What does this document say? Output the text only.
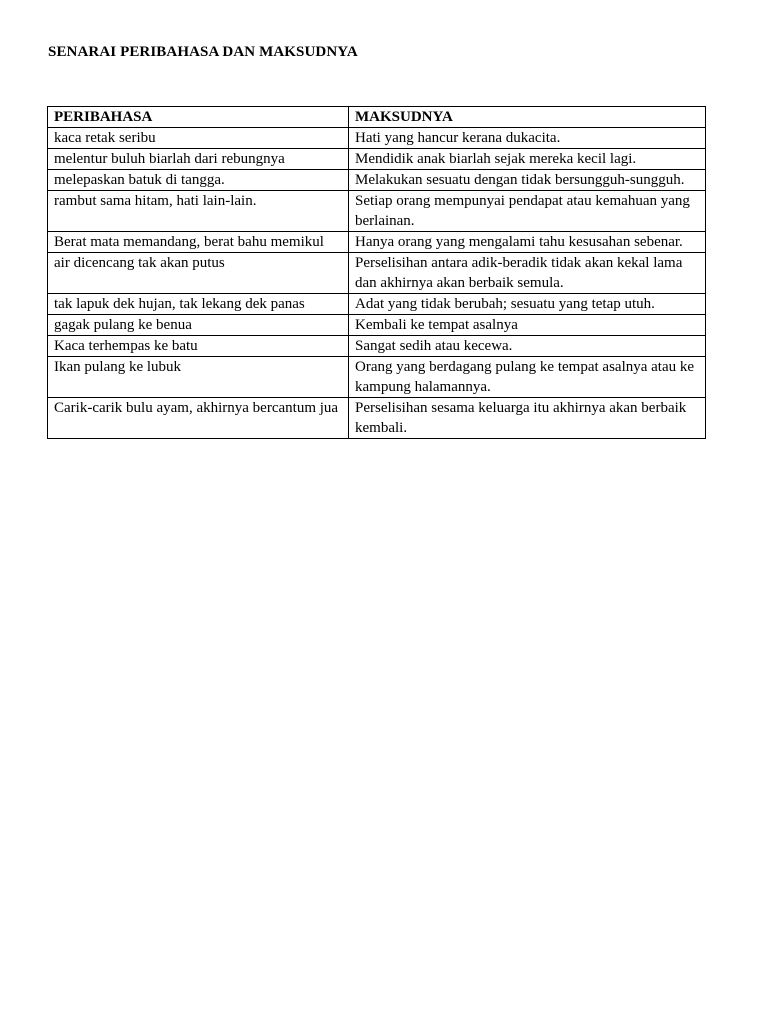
SENARAI PERIBAHASA DAN MAKSUDNYA
PERIBAHASA	MAKSUDNYA
kaca retak seribu	Hati yang hancur kerana dukacita.
melentur buluh biarlah dari rebungnya	Mendidik anak biarlah sejak mereka kecil lagi.
melepaskan batuk di tangga.	Melakukan sesuatu dengan tidak bersungguh-sungguh.
rambut sama hitam, hati lain-lain.	Setiap orang mempunyai pendapat atau kemahuan yang berlainan.
Berat mata memandang, berat bahu memikul	Hanya orang yang mengalami tahu kesusahan sebenar.
air dicencang tak akan putus	Perselisihan antara adik-beradik tidak akan kekal lama dan akhirnya akan berbaik semula.
tak lapuk dek hujan, tak lekang dek panas	Adat yang tidak berubah; sesuatu yang tetap utuh.
gagak pulang ke benua	Kembali ke tempat asalnya
Kaca terhempas ke batu	Sangat sedih atau kecewa.
Ikan pulang ke lubuk	Orang yang berdagang pulang ke tempat asalnya atau ke kampung halamannya.
Carik-carik bulu ayam, akhirnya bercantum jua	Perselisihan sesama keluarga itu akhirnya akan berbaik kembali.
